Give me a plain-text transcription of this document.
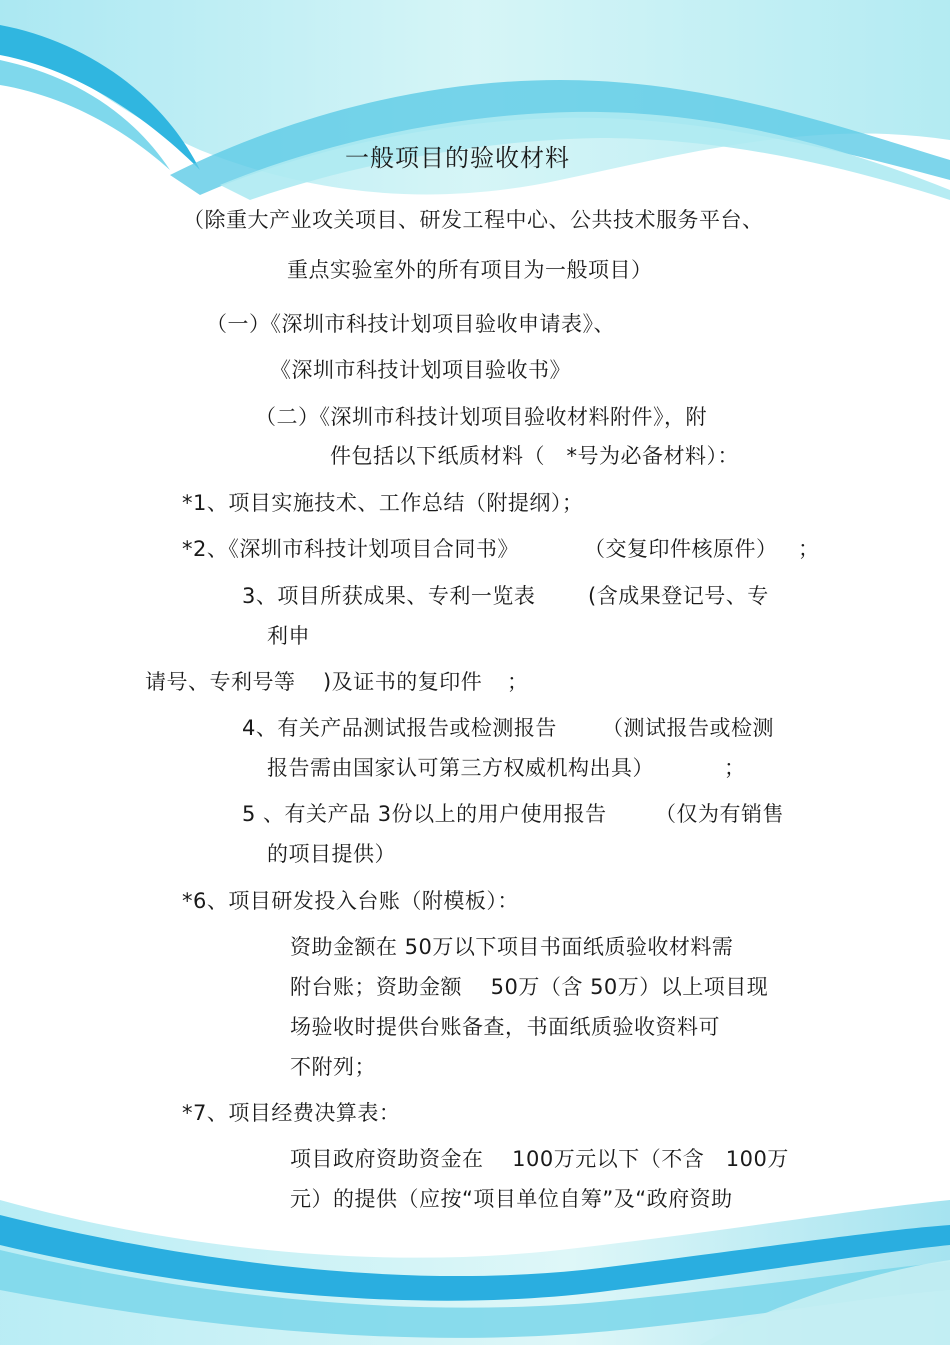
一般项目的验收材料
（除重大产业攻关项目、研发工程中心、公共技术服务平台、
重点实验室外的所有项目为一般项目）
（一）《深圳市科技计划项目验收申请表》、
《深圳市科技计划项目验收书》
（二）《深圳市科技计划项目验收材料附件》，附
件包括以下纸质材料（　*号为必备材料）：
*1、项目实施技术、工作总结（附提纲）；
*2、《深圳市科技计划项目合同书》	（交复印件核原件） ；
3、项目所获成果、专利一览表	(含成果登记号、专
利申
请号、专利号等 )及证书的复印件 ；
4、有关产品测试报告或检测报告 （测试报告或检测
报告需由国家认可第三方权威机构出具）	；
5 、有关产品 3份以上的用户使用报告 （仅为有销售
的项目提供）
*6、项目研发投入台账（附模板）：
资助金额在 50万以下项目书面纸质验收材料需
附台账；资助金额　 50万（含 50万）以上项目现
场验收时提供台账备查，书面纸质验收资料可
不附列；
*7、项目经费决算表：
项目政府资助资金在　 100万元以下（不含　100万
元）的提供（应按“项目单位自筹”及“政府资助
